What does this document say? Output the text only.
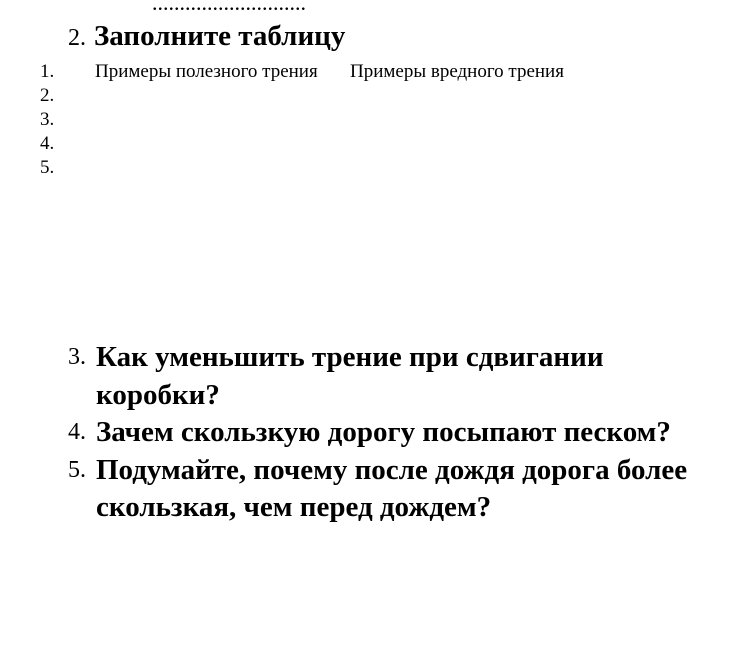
............................
2. Заполните таблицу
1. Примеры полезного трения Примеры вредного трения
2.
3.
4.
5.
3. Как уменьшить трение при сдвигании коробки?
4. Зачем скользкую дорогу посыпают песком?
5. Подумайте, почему после дождя дорога более скользкая, чем перед дождем?
